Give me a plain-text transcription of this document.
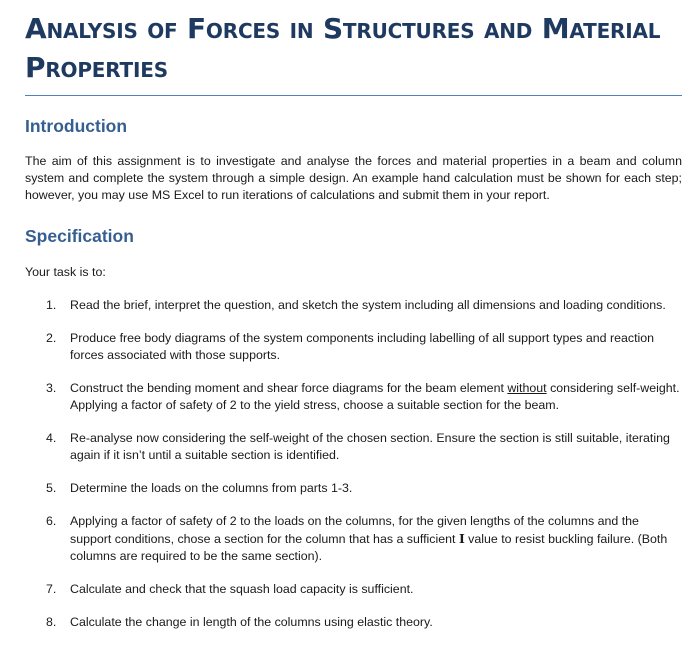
Analysis of Forces in Structures and Material Properties
Introduction

The aim of this assignment is to investigate and analyse the forces and material properties in a beam and column system and complete the system through a simple design. An example hand calculation must be shown for each step; however, you may use MS Excel to run iterations of calculations and submit them in your report.

Specification

Your task is to:

1. Read the brief, interpret the question, and sketch the system including all dimensions and loading conditions.
2. Produce free body diagrams of the system components including labelling of all support types and reaction forces associated with those supports.
3. Construct the bending moment and shear force diagrams for the beam element without considering self-weight. Applying a factor of safety of 2 to the yield stress, choose a suitable section for the beam.
4. Re-analyse now considering the self-weight of the chosen section. Ensure the section is still suitable, iterating again if it isn’t until a suitable section is identified.
5. Determine the loads on the columns from parts 1-3.
6. Applying a factor of safety of 2 to the loads on the columns, for the given lengths of the columns and the support conditions, chose a section for the column that has a sufficient I value to resist buckling failure. (Both columns are required to be the same section).
7. Calculate and check that the squash load capacity is sufficient.
8. Calculate the change in length of the columns using elastic theory.
